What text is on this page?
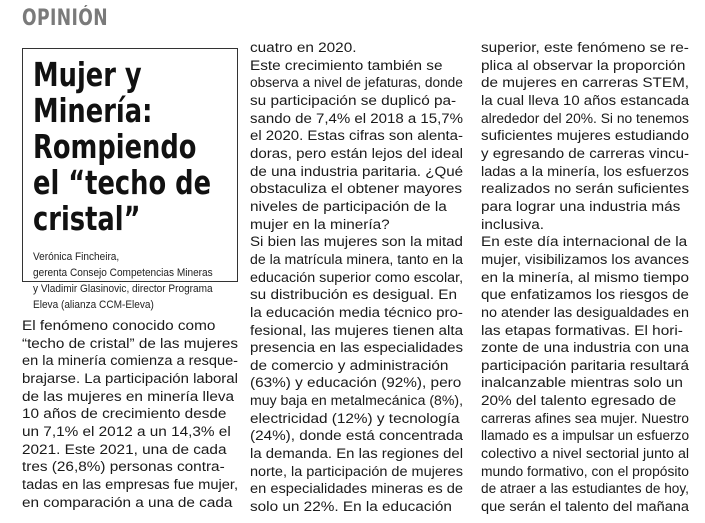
OPINIÓN
Mujer y Minería:
Rompiendo
el “techo de
cristal”
Verónica Fincheira,
gerenta Consejo Competencias Mineras
y Vladimir Glasinovic, director Programa
Eleva (alianza CCM-Eleva)
El fenómeno conocido como
“techo de cristal” de las mujeres
en la minería comienza a resque-
brajarse. La participación laboral
de las mujeres en minería lleva
10 años de crecimiento desde
un 7,1% el 2012 a un 14,3% el
2021. Este 2021, una de cada
tres (26,8%) personas contra-
tadas en las empresas fue mujer,
en comparación a una de cada
cuatro en 2020.
Este crecimiento también se
observa a nivel de jefaturas, donde
su participación se duplicó pa-
sando de 7,4% el 2018 a 15,7%
el 2020. Estas cifras son alenta-
doras, pero están lejos del ideal
de una industria paritaria. ¿Qué
obstaculiza el obtener mayores
niveles de participación de la
mujer en la minería?
Si bien las mujeres son la mitad
de la matrícula minera, tanto en la
educación superior como escolar,
su distribución es desigual. En
la educación media técnico pro-
fesional, las mujeres tienen alta
presencia en las especialidades
de comercio y administración
(63%) y educación (92%), pero
muy baja en metalmecánica (8%),
electricidad (12%) y tecnología
(24%), donde está concentrada
la demanda. En las regiones del
norte, la participación de mujeres
en especialidades mineras es de
solo un 22%. En la educación
superior, este fenómeno se re-
plica al observar la proporción
de mujeres en carreras STEM,
la cual lleva 10 años estancada
alrededor del 20%. Si no tenemos
suficientes mujeres estudiando
y egresando de carreras vincu-
ladas a la minería, los esfuerzos
realizados no serán suficientes
para lograr una industria más
inclusiva.
En este día internacional de la
mujer, visibilizamos los avances
en la minería, al mismo tiempo
que enfatizamos los riesgos de
no atender las desigualdades en
las etapas formativas. El hori-
zonte de una industria con una
participación paritaria resultará
inalcanzable mientras solo un
20% del talento egresado de
carreras afines sea mujer. Nuestro
llamado es a impulsar un esfuerzo
colectivo a nivel sectorial junto al
mundo formativo, con el propósito
de atraer a las estudiantes de hoy,
que serán el talento del mañana
